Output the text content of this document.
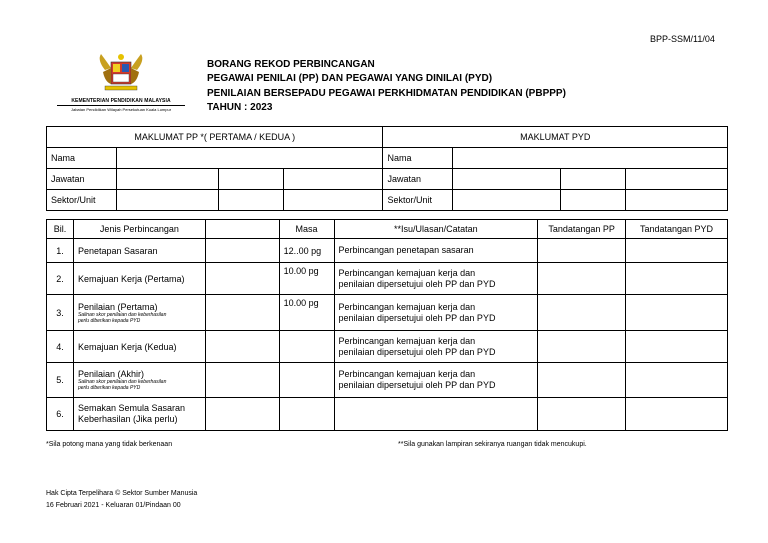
BPP-SSM/11/04
KEMENTERIAN PENDIDIKAN MALAYSIA
Jabatan Pendidikan Wilayah Persekutuan Kuala Lumpur
BORANG REKOD PERBINCANGAN
PEGAWAI PENILAI (PP) DAN PEGAWAI YANG DINILAI (PYD)
PENILAIAN BERSEPADU PEGAWAI PERKHIDMATAN PENDIDIKAN (PBPPP)
TAHUN : 2023
MAKLUMAT PP *( PERTAMA / KEDUA )				MAKLUMAT PYD			
Nama				Nama			
Jawatan				Jawatan			
Sektor/Unit				Sektor/Unit			
Bil.	Jenis Perbincangan		Masa	**Isu/Ulasan/Catatan	Tandatangan PP	Tandatangan PYD
1.	Penetapan Sasaran		12..00 pg	Perbincangan penetapan sasaran		
2.	Kemajuan Kerja (Pertama)		10.00 pg	Perbincangan kemajuan kerja dan
penilaian dipersetujui oleh PP dan PYD		
3.	Penilaian (Pertama)
Salinan skor penilaian dan keberhasilan
perlu diberikan kepada PYD		10.00 pg	Perbincangan kemajuan kerja dan
penilaian dipersetujui oleh PP dan PYD		
4.	Kemajuan Kerja (Kedua)			Perbincangan kemajuan kerja dan
penilaian dipersetujui oleh PP dan PYD		
5.	Penilaian (Akhir)
Salinan skor penilaian dan keberhasilan
perlu diberikan kepada PYD			Perbincangan kemajuan kerja dan
penilaian dipersetujui oleh PP dan PYD		
6.	Semakan Semula Sasaran
Keberhasilan (Jika perlu)					
*Sila potong mana yang tidak berkenaan	**Sila gunakan lampiran sekiranya ruangan tidak mencukupi.
Hak Cipta Terpelihara © Sektor Sumber Manusia
16 Februari 2021 - Keluaran 01/Pindaan 00
